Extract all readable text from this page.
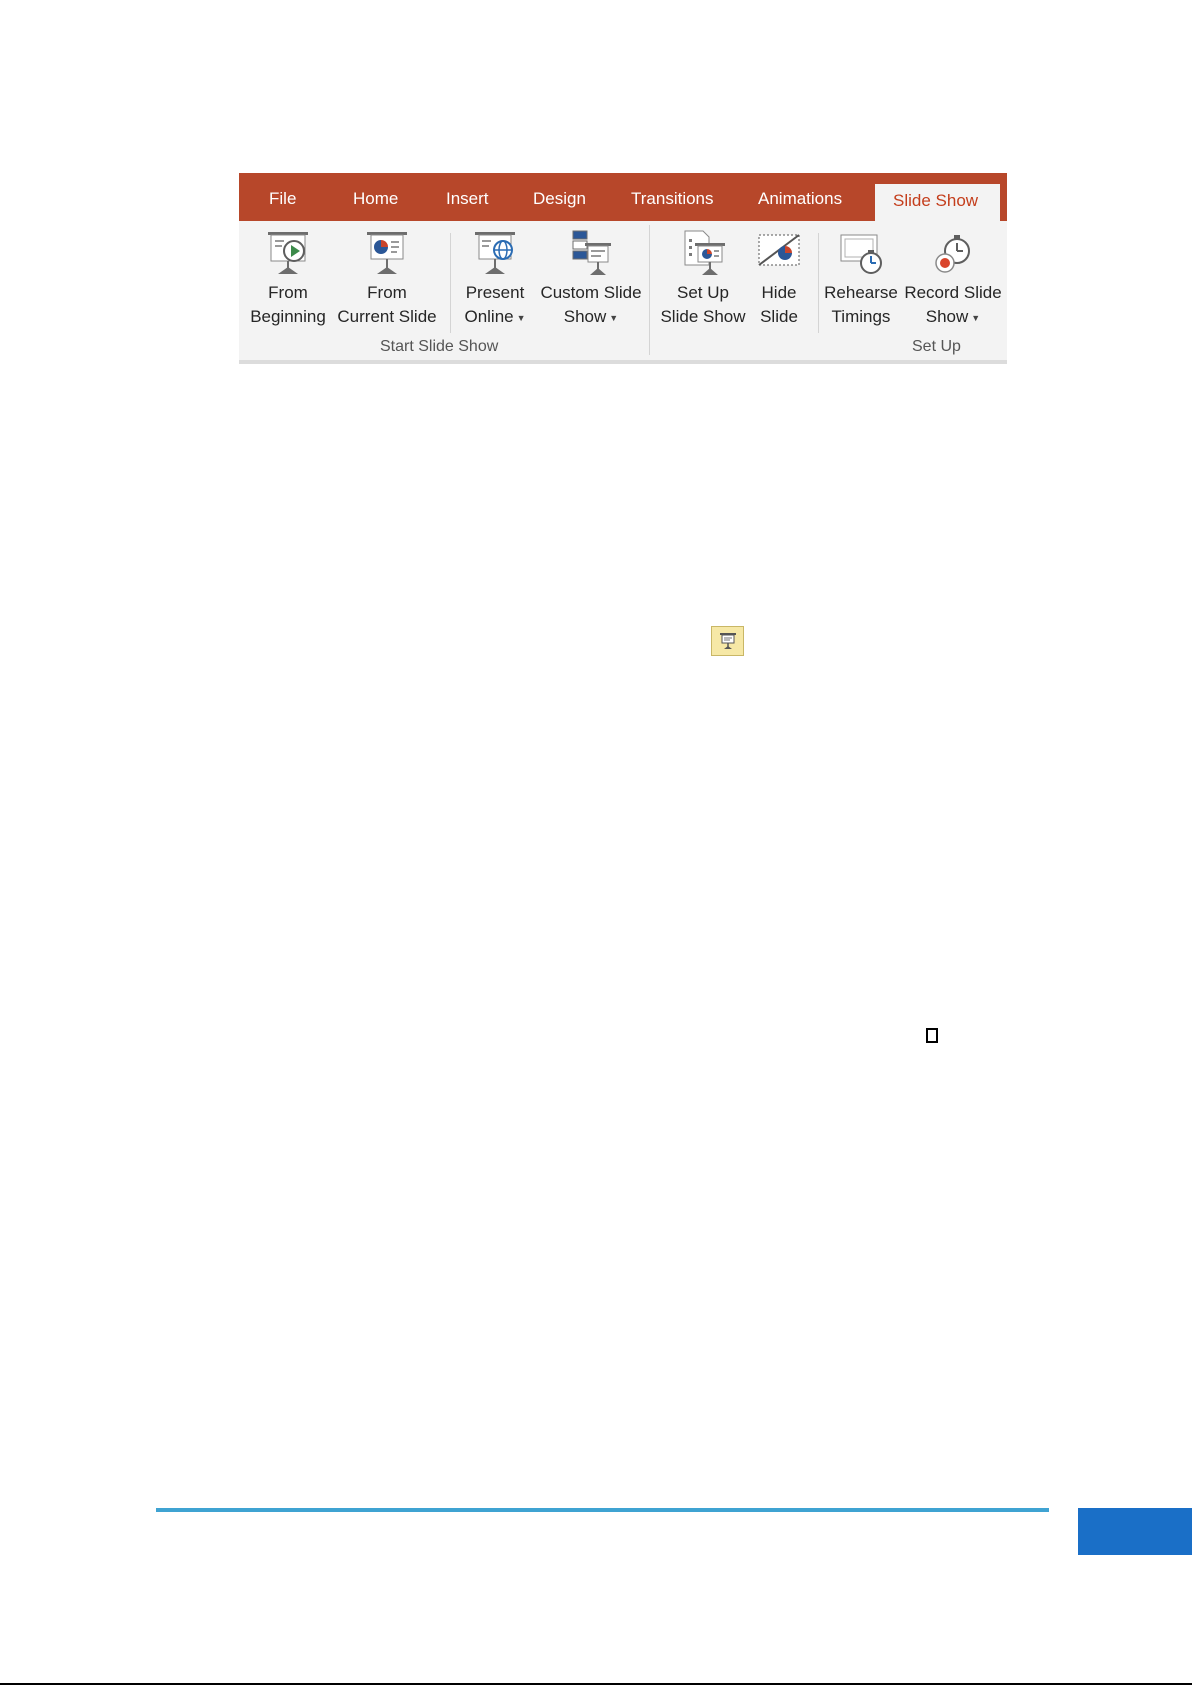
File	Home	Insert	Design	Transitions	Animations	Slide Show
From
Beginning
From
Current Slide
Present
Online ▼
Custom Slide
Show ▼
Start Slide Show
Set Up
Slide Show
Hide
Slide
Rehearse
Timings
Record Slide
Show ▼
Set Up
